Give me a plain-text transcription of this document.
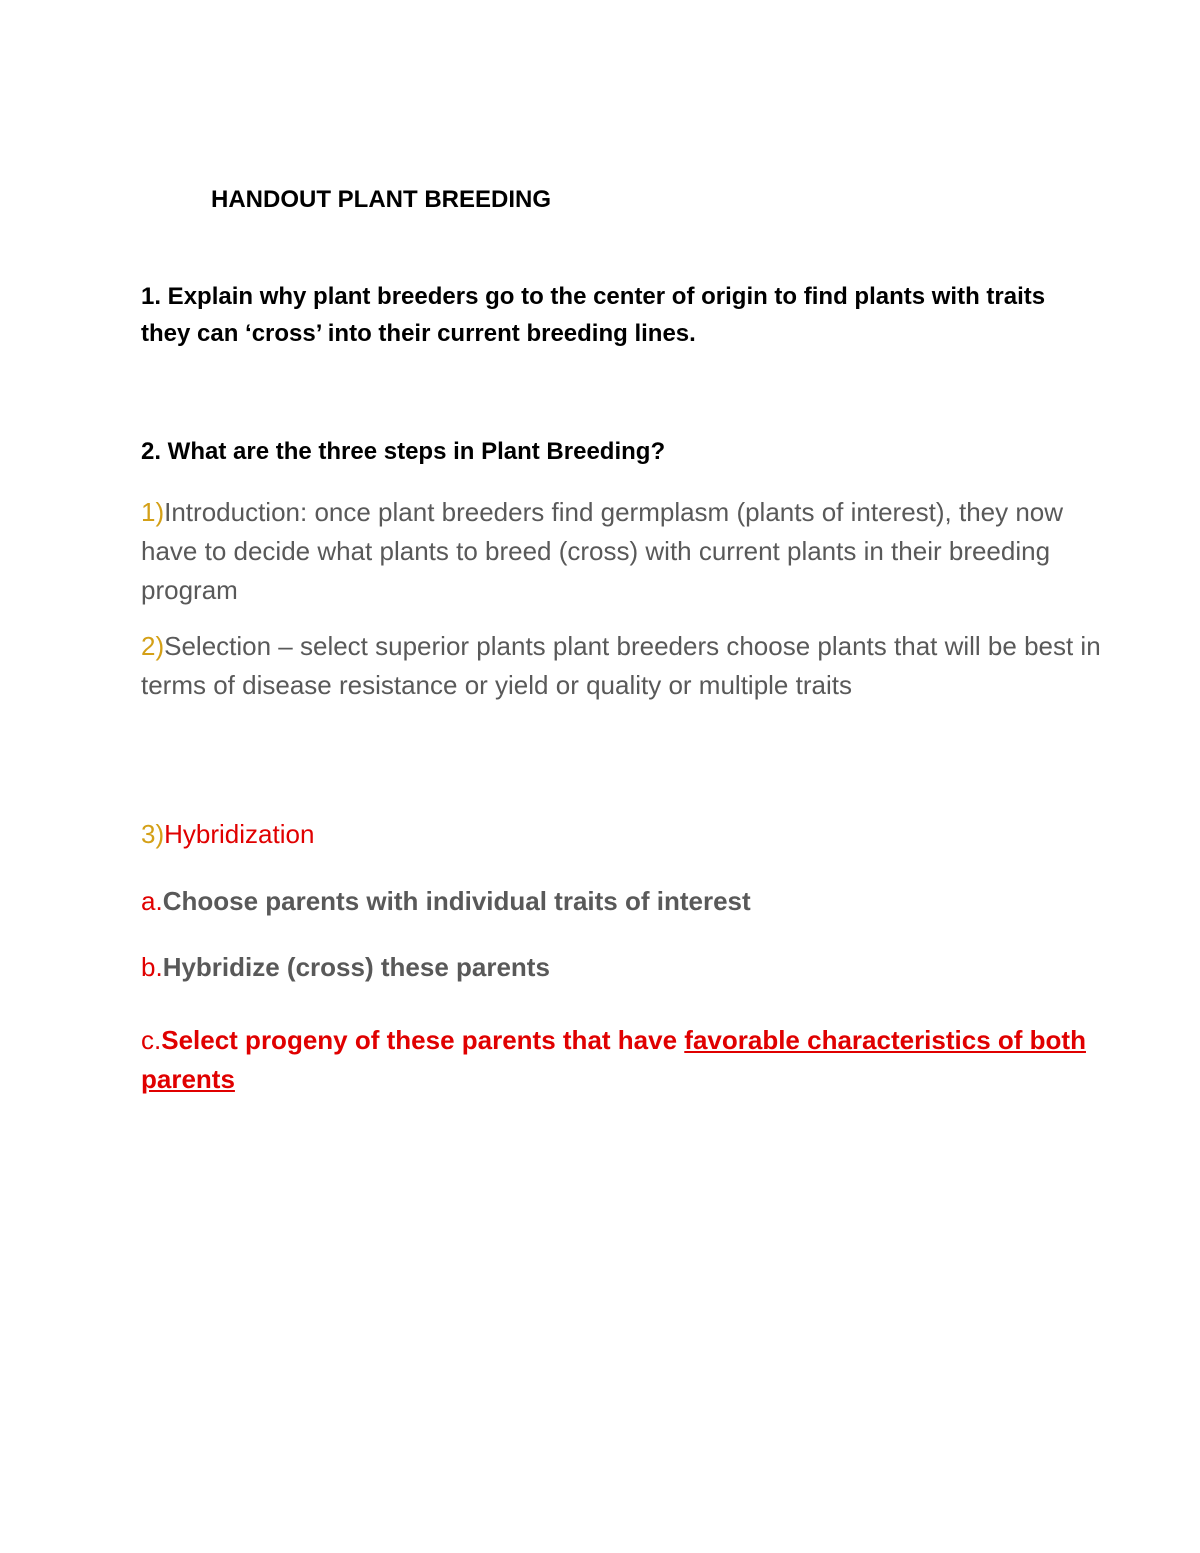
HANDOUT PLANT BREEDING
1. Explain why plant breeders go to the center of origin to find plants with traits they can ‘cross’ into their current breeding lines.
2. What are the three steps in Plant Breeding?
1)Introduction: once plant breeders find germplasm (plants of interest), they now have to decide what plants to breed (cross) with current plants in their breeding program
2)Selection – select superior plants plant breeders choose plants that will be best in terms of disease resistance or yield or quality or multiple traits
3)Hybridization
a.Choose parents with individual traits of interest
b.Hybridize (cross) these parents
c.Select progeny of these parents that have favorable characteristics of both parents
